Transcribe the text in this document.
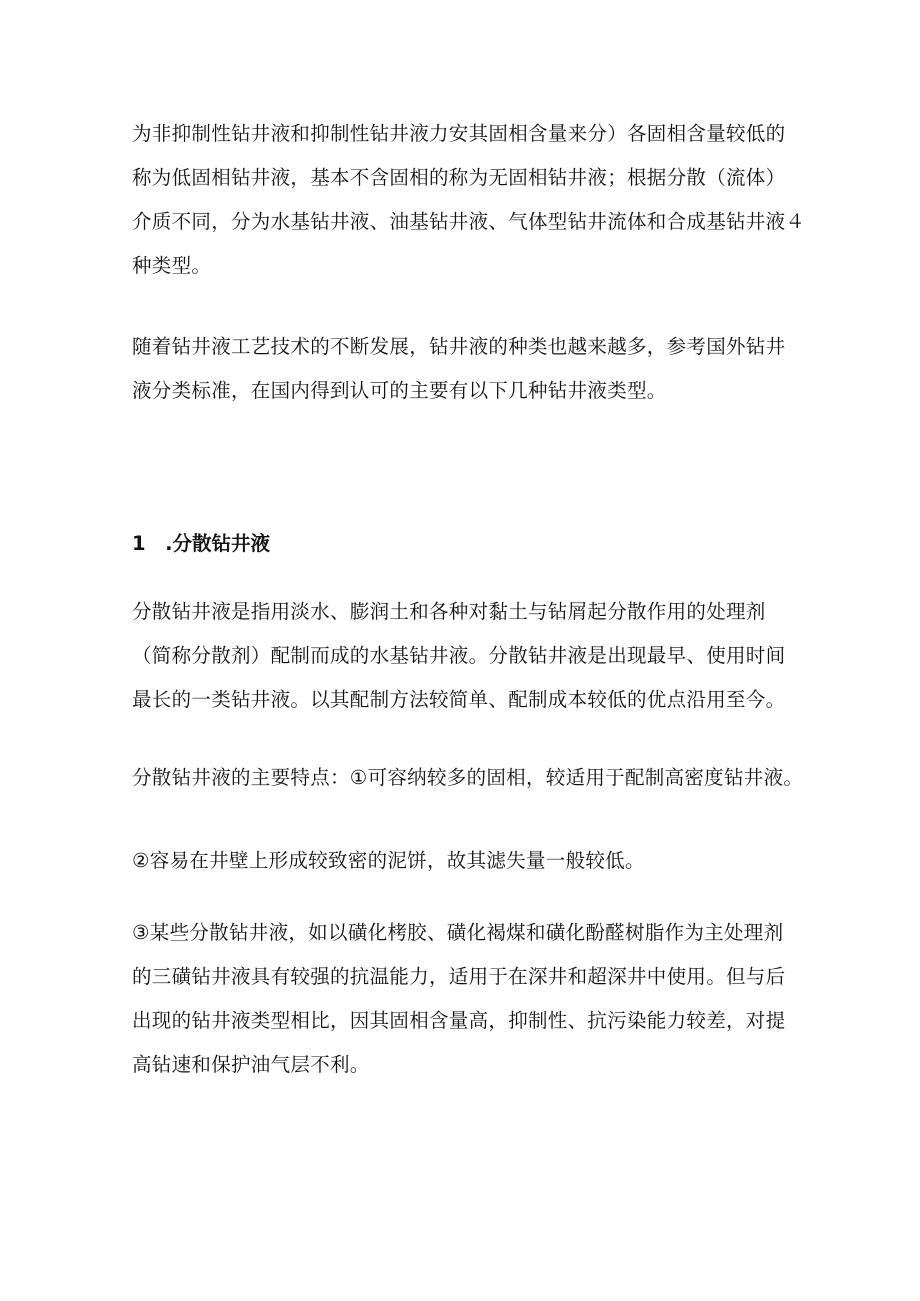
为非抑制性钻井液和抑制性钻井液力安其固相含量来分）各固相含量较低的
称为低固相钻井液，基本不含固相的称为无固相钻井液；根据分散（流体）
介质不同，分为水基钻井液、油基钻井液、气体型钻井流体和合成基钻井液４
种类型。

随着钻井液工艺技术的不断发展，钻井液的种类也越来越多，参考国外钻井
液分类标准，在国内得到认可的主要有以下几种钻井液类型。

1　.分散钻井液

分散钻井液是指用淡水、膨润土和各种对黏土与钻屑起分散作用的处理剂
（简称分散剂）配制而成的水基钻井液。分散钻井液是出现最早、使用时间
最长的一类钻井液。以其配制方法较简单、配制成本较低的优点沿用至今。

分散钻井液的主要特点：①可容纳较多的固相，较适用于配制高密度钻井液。

②容易在井壁上形成较致密的泥饼，故其滤失量一般较低。

③某些分散钻井液，如以磺化栲胶、磺化褐煤和磺化酚醛树脂作为主处理剂
的三磺钻井液具有较强的抗温能力，适用于在深井和超深井中使用。但与后
出现的钻井液类型相比，因其固相含量高，抑制性、抗污染能力较差，对提
高钻速和保护油气层不利。
